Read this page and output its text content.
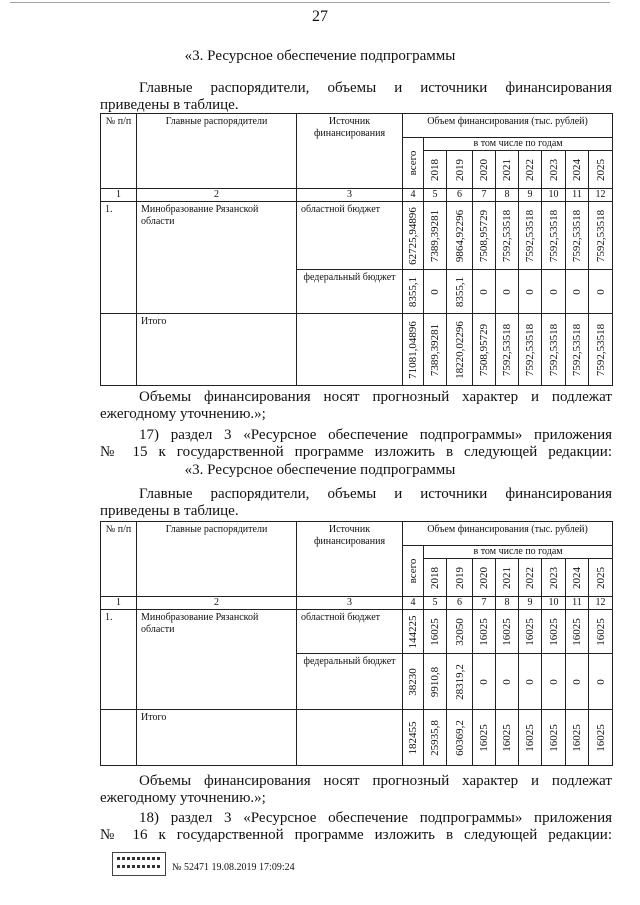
27
«3. Ресурсное обеспечение подпрограммы
Главные распорядители, объемы и источники финансирования
приведены в таблице.
№ п/п	Главные распорядители	Источник финансирования	Объем финансирования (тыс. рублей)								

			всего	в том числе по годам							

				2018	2019	2020	2021	2022	2023	2024	2025

1	2	3	4	5	6	7	8	9	10	11	12
1.	Минобразование Рязанской области	областной бюджет	62725,94896	7389,39281	9864,92296	7508,95729	7592,53518	7592,53518	7592,53518	7592,53518	7592,53518

		федеральный бюджет	8355,1	0	8355,1	0	0	0	0	0	0

	Итого		71081,04896	7389,39281	18220,02296	7508,95729	7592,53518	7592,53518	7592,53518	7592,53518	7592,53518
Объемы финансирования носят прогнозный характер и подлежат
ежегодному уточнению.»;
17) раздел 3 «Ресурсное обеспечение подпрограммы» приложения
№ 15 к государственной программе изложить в следующей редакции:
«3. Ресурсное обеспечение подпрограммы
Главные распорядители, объемы и источники финансирования
приведены в таблице.
№ п/п	Главные распорядители	Источник финансирования	Объем финансирования (тыс. рублей)								

			всего	в том числе по годам							

				2018	2019	2020	2021	2022	2023	2024	2025

1	2	3	4	5	6	7	8	9	10	11	12
1.	Минобразование Рязанской области	областной бюджет	144225	16025	32050	16025	16025	16025	16025	16025	16025

		федеральный бюджет	38230	9910,8	28319,2	0	0	0	0	0	0

	Итого		182455	25935,8	60369,2	16025	16025	16025	16025	16025	16025
Объемы финансирования носят прогнозный характер и подлежат
ежегодному уточнению.»;
18) раздел 3 «Ресурсное обеспечение подпрограммы» приложения
№ 16 к государственной программе изложить в следующей редакции:
№ 52471 19.08.2019 17:09:24
